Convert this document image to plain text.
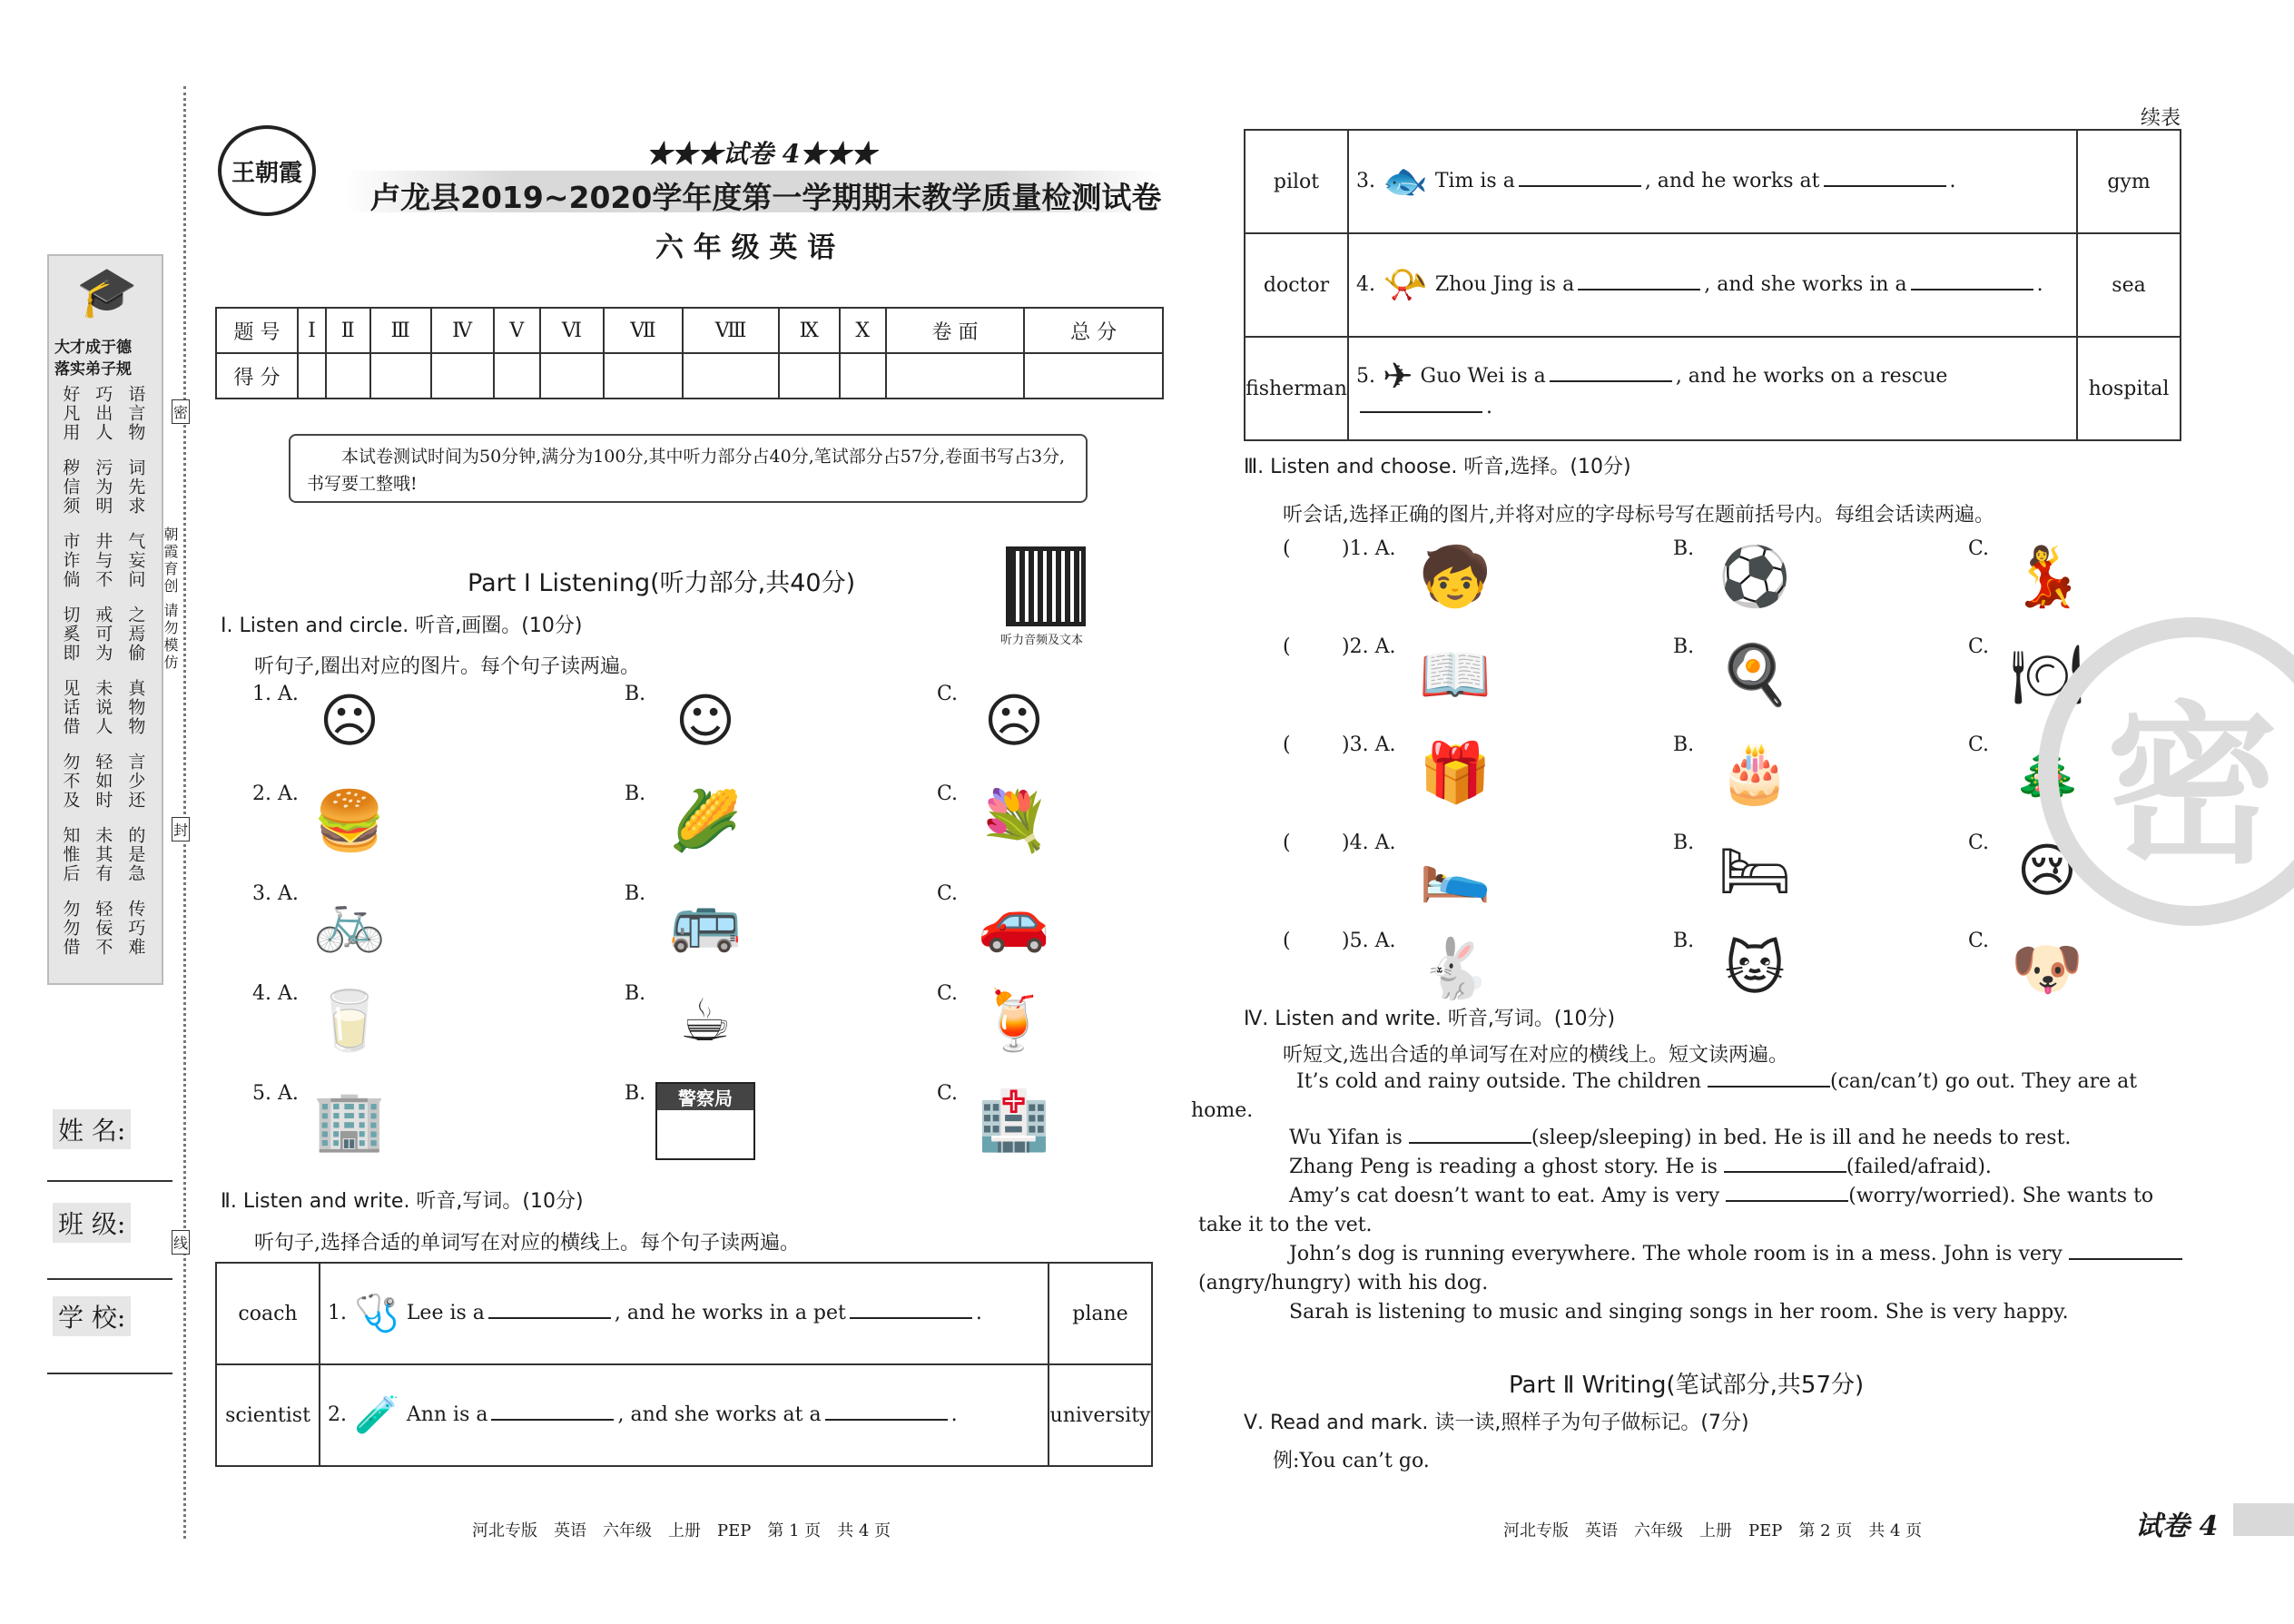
🎓
大才成于德
落实弟子规
好凡用 巧出人 语言物
秽信须 污为明 词先求
市诈倘 井与不 气妄问
切奚即 戒可为 之焉偷
见话借 未说人 真物物
勿不及 轻如时 言少还
知惟后 未其有 的是急
勿勿借 轻佞不 传巧难
密
封
线
朝霞育创 请勿模仿
姓 名:
班 级:
学 校:
王朝霞
★★★试卷 4★★★
卢龙县2019~2020学年度第一学期期末教学质量检测试卷
六 年 级 英 语
续表
题 号	Ⅰ	Ⅱ	Ⅲ	Ⅳ	Ⅴ	Ⅵ	Ⅶ	Ⅷ	Ⅸ	Ⅹ	卷 面	总 分
得 分												
本试卷测试时间为50分钟,满分为100分,其中听力部分占40分,笔试部分占57分,卷面书写占3分,书写要工整哦!
Part Ⅰ Listening(听力部分,共40分)
听力音频及文本
Ⅰ. Listen and circle. 听音,画圈。(10分)
听句子,圈出对应的图片。每个句子读两遍。
1. A.	B.	C.
☹	☺	☹
2. A.	B.	C.
🍔	🌽	💐
3. A.	B.	C.
🚲	🚌	🚗
4. A.	B.	C.
🥛	☕	🍹
5. A.	B.	C.
🏢	警察局	🏥
Ⅱ. Listen and write. 听音,写词。(10分)
听句子,选择合适的单词写在对应的横线上。每个句子读两遍。
coach	1. 🩺 Lee is a , and he works in a pet .	plane
scientist	2. 🧪 Ann is a , and she works at a .	university
pilot	3. 🐟 Tim is a , and he works at .	gym
doctor	4. 📯 Zhou Jing is a , and she works in a .	sea
fisherman	5. ✈ Guo Wei is a , and he works on a rescue.	hospital
Ⅲ. Listen and choose. 听音,选择。(10分)
听会话,选择正确的图片,并将对应的字母标号写在题前括号内。每组会话读两遍。
(	)1. A.	B.	C.
🧒	⚽	💃
(	)2. A.	B.	C.
📖	🍳	🍽
(	)3. A.	B.	C.
🎁	🎂	🎄
(	)4. A.	B.	C.
🛌	🛏	😢
(	)5. A.	B.	C.
🐇	🐱	🐶
密
Ⅳ. Listen and write. 听音,写词。(10分)
听短文,选出合适的单词写在对应的横线上。短文读两遍。
It’s cold and rainy outside. The children	(can/can’t) go out. They are at
home.
Wu Yifan is	(sleep/sleeping) in bed. He is ill and he needs to rest.
Zhang Peng is reading a ghost story. He is	(failed/afraid).
Amy’s cat doesn’t want to eat. Amy is very	(worry/worried). She wants to
take it to the vet.
John’s dog is running everywhere. The whole room is in a mess. John is very
(angry/hungry) with his dog.
Sarah is listening to music and singing songs in her room. She is very happy.
Part Ⅱ Writing(笔试部分,共57分)
Ⅴ. Read and mark. 读一读,照样子为句子做标记。(7分)
例:You can’t go.
河北专版　英语　六年级　上册　PEP　第 1 页　共 4 页	河北专版　英语　六年级　上册　PEP　第 2 页　共 4 页	试卷 4
